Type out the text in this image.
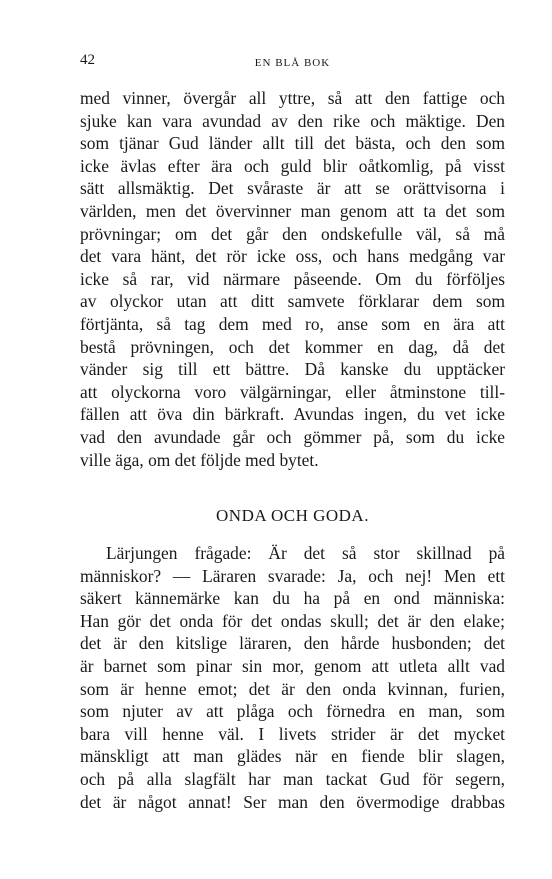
42	EN BLÅ BOK
med vinner, övergår all yttre, så att den fattige och
sjuke kan vara avundad av den rike och mäktige. Den
som tjänar Gud länder allt till det bästa, och den som
icke ävlas efter ära och guld blir oåtkomlig, på visst
sätt allsmäktig. Det svåraste är att se orättvisorna i
världen, men det övervinner man genom att ta det som
prövningar; om det går den ondskefulle väl, så må
det vara hänt, det rör icke oss, och hans medgång var
icke så rar, vid närmare påseende. Om du förföljes
av olyckor utan att ditt samvete förklarar dem som
förtjänta, så tag dem med ro, anse som en ära att
bestå prövningen, och det kommer en dag, då det
vänder sig till ett bättre. Då kanske du upptäcker
att olyckorna voro välgärningar, eller åtminstone till-
fällen att öva din bärkraft. Avundas ingen, du vet icke
vad den avundade går och gömmer på, som du icke
ville äga, om det följde med bytet.
ONDA OCH GODA.
Lärjungen frågade: Är det så stor skillnad på
människor? — Läraren svarade: Ja, och nej! Men ett
säkert kännemärke kan du ha på en ond människa:
Han gör det onda för det ondas skull; det är den elake;
det är den kitslige läraren, den hårde husbonden; det
är barnet som pinar sin mor, genom att utleta allt vad
som är henne emot; det är den onda kvinnan, furien,
som njuter av att plåga och förnedra en man, som
bara vill henne väl. I livets strider är det mycket
mänskligt att man glädes när en fiende blir slagen,
och på alla slagfält har man tackat Gud för segern,
det är något annat! Ser man den övermodige drabbas
